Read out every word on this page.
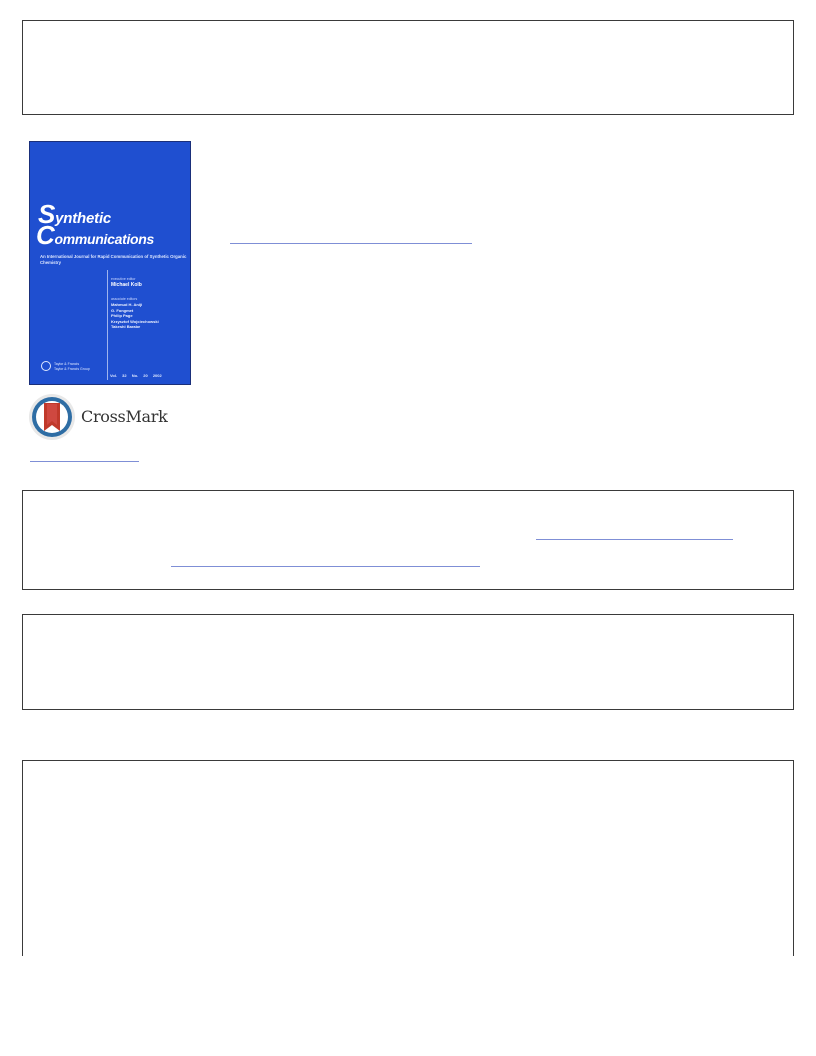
Synthetic
Communications
An International Journal for Rapid Communication of Synthetic Organic Chemistry
executive editor
Michael Kolb
associate editors
Mahmud H. Aniji
G. Fongmet
Philip Page
Krzysztof Wojciechowski
Takeshi Barabe
Taylor & Francis
Taylor & Francis Group
Vol. 32 No. 20 2002
CrossMark
